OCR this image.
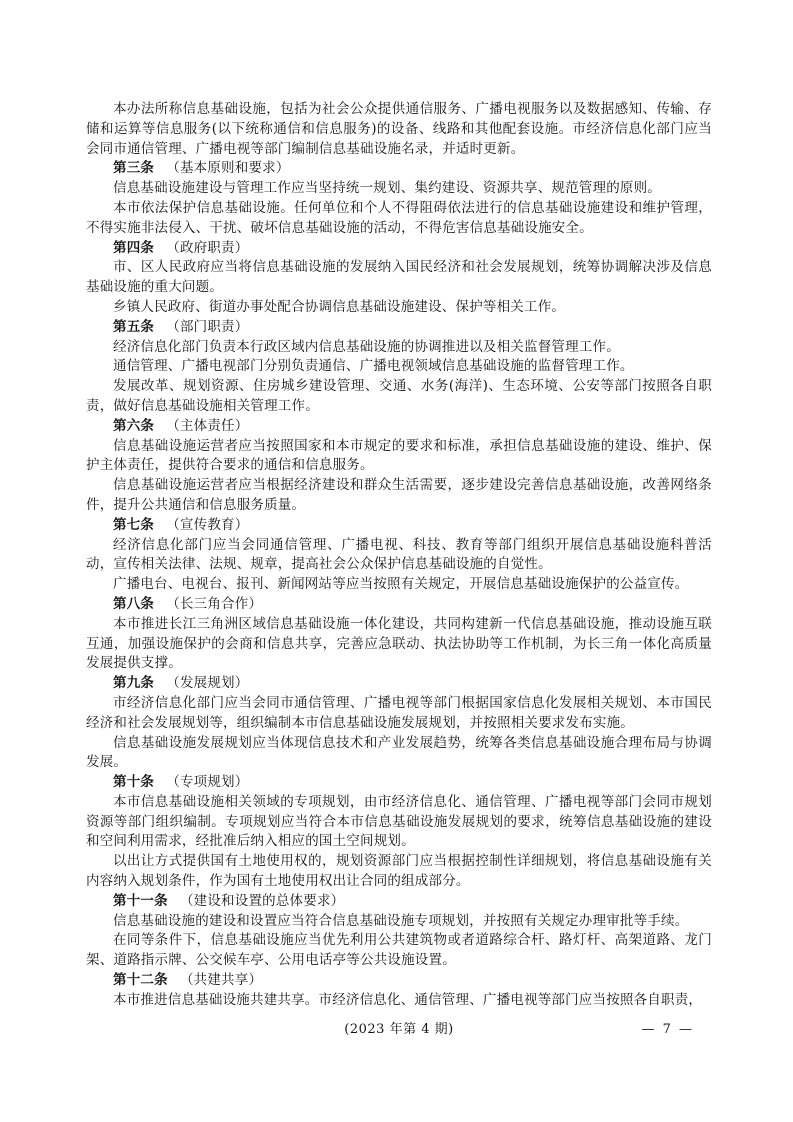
本办法所称信息基础设施，包括为社会公众提供通信服务、广播电视服务以及数据感知、传输、存储和运算等信息服务(以下统称通信和信息服务)的设备、线路和其他配套设施。市经济信息化部门应当会同市通信管理、广播电视等部门编制信息基础设施名录，并适时更新。

第三条 （基本原则和要求）

信息基础设施建设与管理工作应当坚持统一规划、集约建设、资源共享、规范管理的原则。

本市依法保护信息基础设施。任何单位和个人不得阻碍依法进行的信息基础设施建设和维护管理，不得实施非法侵入、干扰、破坏信息基础设施的活动，不得危害信息基础设施安全。

第四条 （政府职责）

市、区人民政府应当将信息基础设施的发展纳入国民经济和社会发展规划，统筹协调解决涉及信息基础设施的重大问题。

乡镇人民政府、街道办事处配合协调信息基础设施建设、保护等相关工作。

第五条 （部门职责）

经济信息化部门负责本行政区域内信息基础设施的协调推进以及相关监督管理工作。

通信管理、广播电视部门分别负责通信、广播电视领域信息基础设施的监督管理工作。

发展改革、规划资源、住房城乡建设管理、交通、水务(海洋)、生态环境、公安等部门按照各自职责，做好信息基础设施相关管理工作。

第六条 （主体责任）

信息基础设施运营者应当按照国家和本市规定的要求和标准，承担信息基础设施的建设、维护、保护主体责任，提供符合要求的通信和信息服务。

信息基础设施运营者应当根据经济建设和群众生活需要，逐步建设完善信息基础设施，改善网络条件，提升公共通信和信息服务质量。

第七条 （宣传教育）

经济信息化部门应当会同通信管理、广播电视、科技、教育等部门组织开展信息基础设施科普活动，宣传相关法律、法规、规章，提高社会公众保护信息基础设施的自觉性。

广播电台、电视台、报刊、新闻网站等应当按照有关规定，开展信息基础设施保护的公益宣传。

第八条 （长三角合作）

本市推进长江三角洲区域信息基础设施一体化建设，共同构建新一代信息基础设施，推动设施互联互通，加强设施保护的会商和信息共享，完善应急联动、执法协助等工作机制，为长三角一体化高质量发展提供支撑。

第九条 （发展规划）

市经济信息化部门应当会同市通信管理、广播电视等部门根据国家信息化发展相关规划、本市国民经济和社会发展规划等，组织编制本市信息基础设施发展规划，并按照相关要求发布实施。

信息基础设施发展规划应当体现信息技术和产业发展趋势，统筹各类信息基础设施合理布局与协调发展。

第十条 （专项规划）

本市信息基础设施相关领域的专项规划，由市经济信息化、通信管理、广播电视等部门会同市规划资源等部门组织编制。专项规划应当符合本市信息基础设施发展规划的要求，统筹信息基础设施的建设和空间利用需求，经批准后纳入相应的国土空间规划。

以出让方式提供国有土地使用权的，规划资源部门应当根据控制性详细规划，将信息基础设施有关内容纳入规划条件，作为国有土地使用权出让合同的组成部分。

第十一条 （建设和设置的总体要求）

信息基础设施的建设和设置应当符合信息基础设施专项规划，并按照有关规定办理审批等手续。

在同等条件下，信息基础设施应当优先利用公共建筑物或者道路综合杆、路灯杆、高架道路、龙门架、道路指示牌、公交候车亭、公用电话亭等公共设施设置。

第十二条 （共建共享）

本市推进信息基础设施共建共享。市经济信息化、通信管理、广播电视等部门应当按照各自职责，

(2023 年第 4 期)	— 7 —
